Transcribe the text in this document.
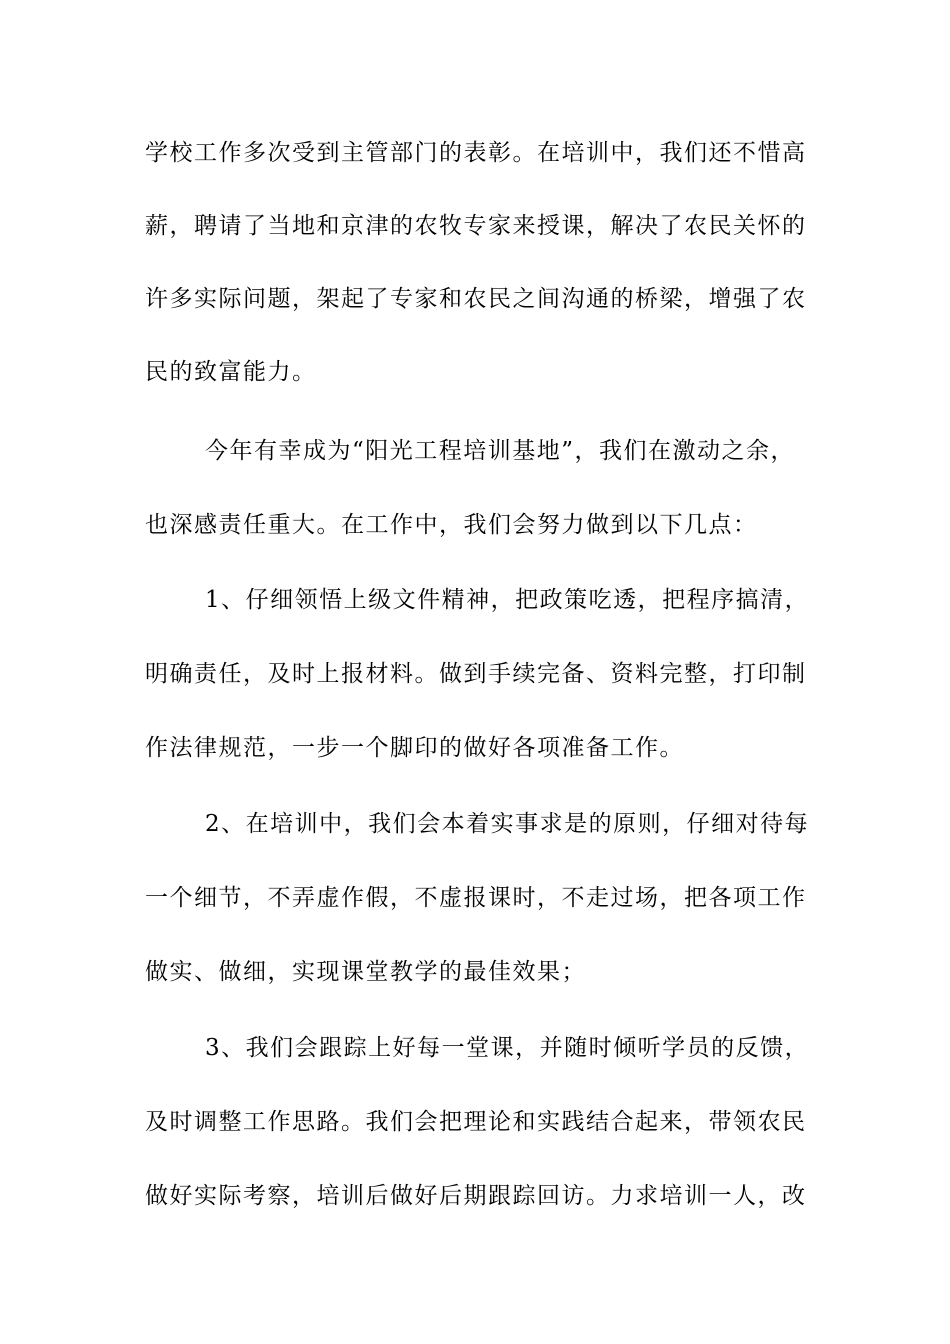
学校工作多次受到主管部门的表彰。在培训中，我们还不惜高
薪，聘请了当地和京津的农牧专家来授课，解决了农民关怀的
许多实际问题，架起了专家和农民之间沟通的桥梁，增强了农
民的致富能力。
今年有幸成为“阳光工程培训基地”，我们在激动之余，
也深感责任重大。在工作中，我们会努力做到以下几点：
1、仔细领悟上级文件精神，把政策吃透，把程序搞清，
明确责任，及时上报材料。做到手续完备、资料完整，打印制
作法律规范，一步一个脚印的做好各项准备工作。
2、在培训中，我们会本着实事求是的原则，仔细对待每
一个细节，不弄虚作假，不虚报课时，不走过场，把各项工作
做实、做细，实现课堂教学的最佳效果；
3、我们会跟踪上好每一堂课，并随时倾听学员的反馈，
及时调整工作思路。我们会把理论和实践结合起来，带领农民
做好实际考察，培训后做好后期跟踪回访。力求培训一人，改
